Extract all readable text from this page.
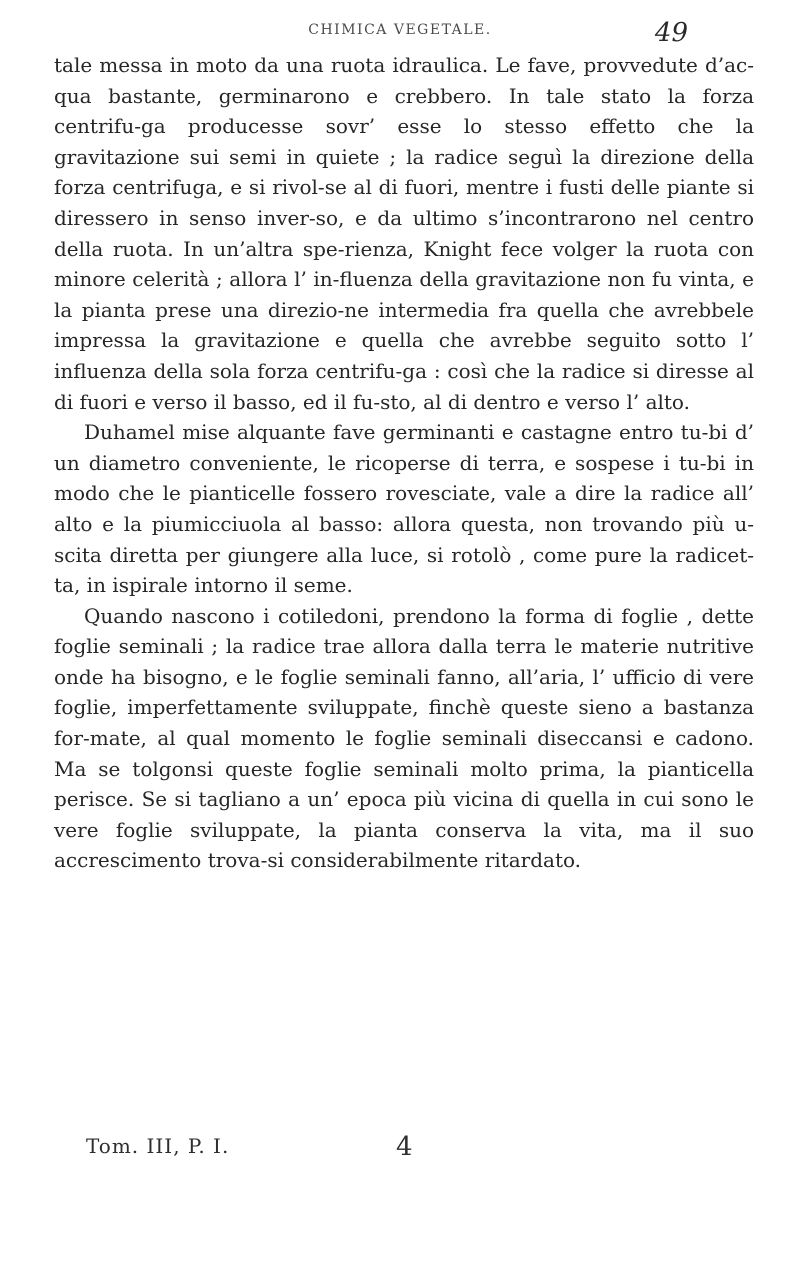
CHIMICA VEGETALE.	49

tale messa in moto da una ruota idraulica. Le fave, provvedute d’ac-qua bastante, germinarono e crebbero. In tale stato la forza centrifu-ga producesse sovr’ esse lo stesso effetto che la gravitazione sui semi in quiete ; la radice seguì la direzione della forza centrifuga, e si rivol-se al di fuori, mentre i fusti delle piante si diressero in senso inver-so, e da ultimo s’incontrarono nel centro della ruota. In un’altra spe-rienza, Knight fece volger la ruota con minore celerità ; allora l’ in-fluenza della gravitazione non fu vinta, e la pianta prese una direzio-ne intermedia fra quella che avrebbele impressa la gravitazione e quella che avrebbe seguito sotto l’ influenza della sola forza centrifu-ga : così che la radice si diresse al di fuori e verso il basso, ed il fu-sto, al di dentro e verso l’ alto.

Duhamel mise alquante fave germinanti e castagne entro tu-bi d’ un diametro conveniente, le ricoperse di terra, e sospese i tu-bi in modo che le pianticelle fossero rovesciate, vale a dire la radice all’ alto e la piumicciuola al basso: allora questa, non trovando più u-scita diretta per giungere alla luce, si rotolò , come pure la radicet-ta, in ispirale intorno il seme.

Quando nascono i cotiledoni, prendono la forma di foglie , dette foglie seminali ; la radice trae allora dalla terra le materie nutritive onde ha bisogno, e le foglie seminali fanno, all’aria, l’ ufficio di vere foglie, imperfettamente sviluppate, finchè queste sieno a bastanza for-mate, al qual momento le foglie seminali diseccansi e cadono. Ma se tolgonsi queste foglie seminali molto prima, la pianticella perisce. Se si tagliano a un’ epoca più vicina di quella in cui sono le vere foglie sviluppate, la pianta conserva la vita, ma il suo accrescimento trova-si considerabilmente ritardato.

Tom. III, P. I.	4
